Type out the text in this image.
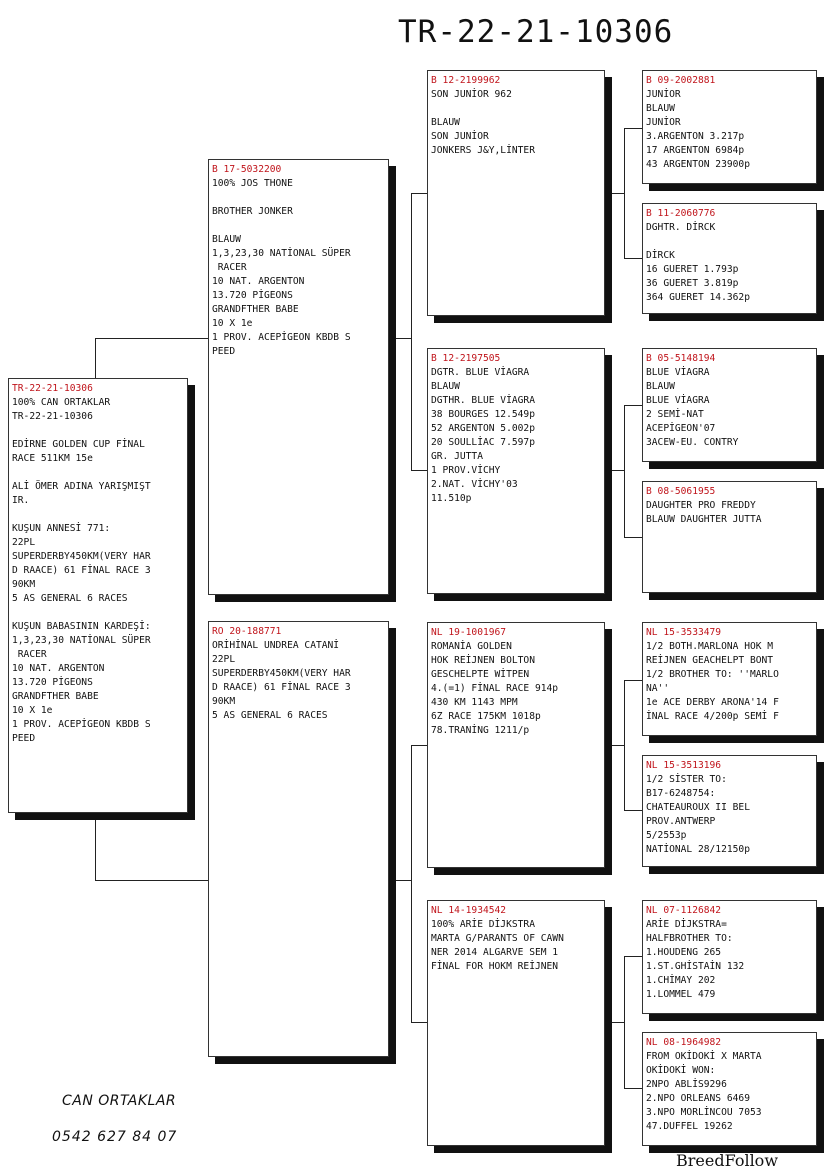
TR-22-21-10306
TR-22-21-10306
100% CAN ORTAKLAR
TR-22-21-10306

EDİRNE GOLDEN CUP FİNAL
RACE 511KM 15e

ALİ ÖMER ADINA YARIŞMIŞT
IR.

KUŞUN ANNESİ 771:
22PL
SUPERDERBY450KM(VERY HAR
D RAACE) 61 FİNAL RACE 3
90KM
5 AS GENERAL 6 RACES

KUŞUN BABASININ KARDEŞİ:
1,3,23,30 NATİONAL SÜPER
RACER
10 NAT. ARGENTON
13.720 PİGEONS
GRANDFTHER BABE
10 X 1e
1 PROV. ACEPİGEON KBDB S
PEED
B 17-5032200
100% JOS THONE

BROTHER JONKER

BLAUW
1,3,23,30 NATİONAL SÜPER
RACER
10 NAT. ARGENTON
13.720 PİGEONS
GRANDFTHER BABE
10 X 1e
1 PROV. ACEPİGEON KBDB S
PEED
RO 20-188771
ORİHİNAL UNDREA CATANİ
22PL
SUPERDERBY450KM(VERY HAR
D RAACE) 61 FİNAL RACE 3
90KM
5 AS GENERAL 6 RACES
B 12-2199962
SON JUNİOR 962

BLAUW
SON JUNİOR
JONKERS J&Y,LİNTER
B 12-2197505
DGTR. BLUE VİAGRA
BLAUW
DGTHR. BLUE VİAGRA
38 BOURGES 12.549p
52 ARGENTON 5.002p
20 SOULLİAC 7.597p
GR. JUTTA
1 PROV.VİCHY
2.NAT. VİCHY'03
11.510p
NL 19-1001967
ROMANİA GOLDEN
HOK REİJNEN BOLTON
GESCHELPTE WİTPEN
4.(=1) FİNAL RACE 914p
430 KM 1143 MPM
6Z RACE 175KM 1018p
78.TRANİNG 1211/p
NL 14-1934542
100% ARİE DİJKSTRA
MARTA G/PARANTS OF CAWN
NER 2014 ALGARVE SEM 1
FİNAL FOR HOKM REİJNEN
B 09-2002881
JUNİOR
BLAUW
JUNİOR
3.ARGENTON 3.217p
17 ARGENTON 6984p
43 ARGENTON 23900p
B 11-2060776
DGHTR. DİRCK

DİRCK
16 GUERET 1.793p
36 GUERET 3.819p
364 GUERET 14.362p
B 05-5148194
BLUE VİAGRA
BLAUW
BLUE VİAGRA
2 SEMİ-NAT
ACEPİGEON'07
3ACEW-EU. CONTRY
B 08-5061955
DAUGHTER PRO FREDDY
BLAUW DAUGHTER JUTTA
NL 15-3533479
1/2 BOTH.MARLONA HOK M
REİJNEN GEACHELPT BONT
1/2 BROTHER TO: ''MARLO
NA''
1e ACE DERBY ARONA'14 F
İNAL RACE 4/200p SEMİ F
NL 15-3513196
1/2 SİSTER TO:
B17-6248754:
CHATEAUROUX II BEL
PROV.ANTWERP
5/2553p
NATİONAL 28/12150p
NL 07-1126842
ARİE DİJKSTRA=
HALFBROTHER TO:
1.HOUDENG 265
1.ST.GHİSTAİN 132
1.CHİMAY 202
1.LOMMEL 479
NL 08-1964982
FROM OKİDOKİ X MARTA
OKİDOKİ WON:
2NPO ABLİS9296
2.NPO ORLEANS 6469
3.NPO MORLİNCOU 7053
47.DUFFEL 19262
CAN ORTAKLAR
0542 627 84 07
BreedFollow
